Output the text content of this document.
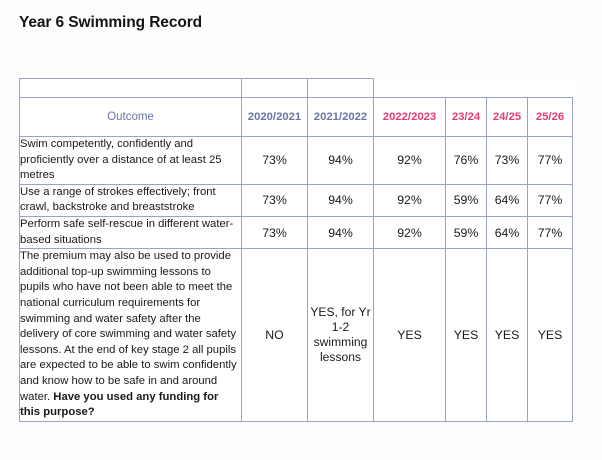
Year 6 Swimming Record

Outcome	2020/2021	2021/2022	2022/2023	23/24	24/25	25/26
Swim competently, confidently and proficiently over a distance of at least 25 metres	73%	94%	92%	76%	73%	77%
Use a range of strokes effectively; front crawl, backstroke and breaststroke	73%	94%	92%	59%	64%	77%
Perform safe self-rescue in different water-based situations	73%	94%	92%	59%	64%	77%
The premium may also be used to provide additional top-up swimming lessons to pupils who have not been able to meet the national curriculum requirements for swimming and water safety after the delivery of core swimming and water safety lessons. At the end of key stage 2 all pupils are expected to be able to swim confidently and know how to be safe in and around water. Have you used any funding for this purpose?	NO	YES, for Yr 1-2 swimming lessons	YES	YES	YES	YES
